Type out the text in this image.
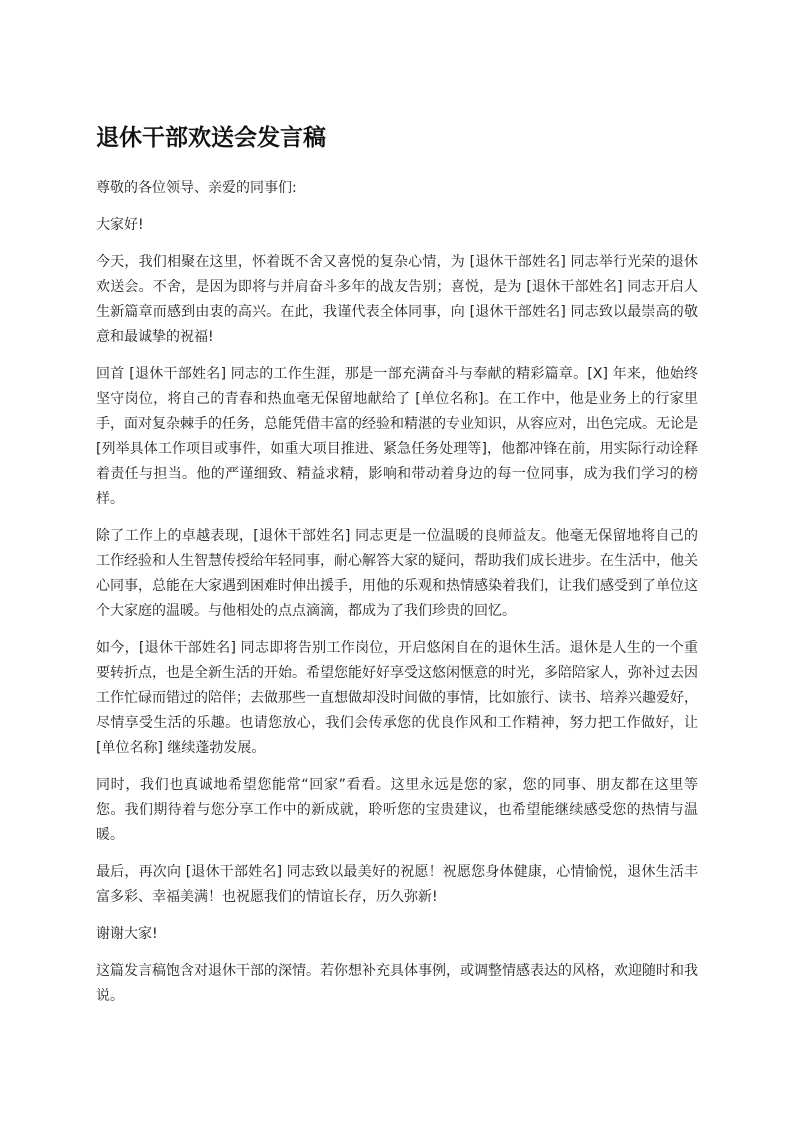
退休干部欢送会发言稿

尊敬的各位领导、亲爱的同事们:

大家好!

今天，我们相聚在这里，怀着既不舍又喜悦的复杂心情，为 [退休干部姓名] 同志举行光荣的退休欢送会。不舍，是因为即将与并肩奋斗多年的战友告别；喜悦，是为 [退休干部姓名] 同志开启人生新篇章而感到由衷的高兴。在此，我谨代表全体同事，向 [退休干部姓名] 同志致以最崇高的敬意和最诚挚的祝福!

回首 [退休干部姓名] 同志的工作生涯，那是一部充满奋斗与奉献的精彩篇章。[X] 年来，他始终坚守岗位，将自己的青春和热血毫无保留地献给了 [单位名称]。在工作中，他是业务上的行家里手，面对复杂棘手的任务，总能凭借丰富的经验和精湛的专业知识，从容应对，出色完成。无论是 [列举具体工作项目或事件，如重大项目推进、紧急任务处理等]，他都冲锋在前，用实际行动诠释着责任与担当。他的严谨细致、精益求精，影响和带动着身边的每一位同事，成为我们学习的榜样。

除了工作上的卓越表现，[退休干部姓名] 同志更是一位温暖的良师益友。他毫无保留地将自己的工作经验和人生智慧传授给年轻同事，耐心解答大家的疑问，帮助我们成长进步。在生活中，他关心同事，总能在大家遇到困难时伸出援手，用他的乐观和热情感染着我们，让我们感受到了单位这个大家庭的温暖。与他相处的点点滴滴，都成为了我们珍贵的回忆。

如今，[退休干部姓名] 同志即将告别工作岗位，开启悠闲自在的退休生活。退休是人生的一个重要转折点，也是全新生活的开始。希望您能好好享受这悠闲惬意的时光，多陪陪家人，弥补过去因工作忙碌而错过的陪伴；去做那些一直想做却没时间做的事情，比如旅行、读书、培养兴趣爱好，尽情享受生活的乐趣。也请您放心，我们会传承您的优良作风和工作精神，努力把工作做好，让 [单位名称] 继续蓬勃发展。

同时，我们也真诚地希望您能常“回家”看看。这里永远是您的家，您的同事、朋友都在这里等您。我们期待着与您分享工作中的新成就，聆听您的宝贵建议，也希望能继续感受您的热情与温暖。

最后，再次向 [退休干部姓名] 同志致以最美好的祝愿！祝愿您身体健康，心情愉悦，退休生活丰富多彩、幸福美满！也祝愿我们的情谊长存，历久弥新!

谢谢大家!

这篇发言稿饱含对退休干部的深情。若你想补充具体事例，或调整情感表达的风格，欢迎随时和我说。
